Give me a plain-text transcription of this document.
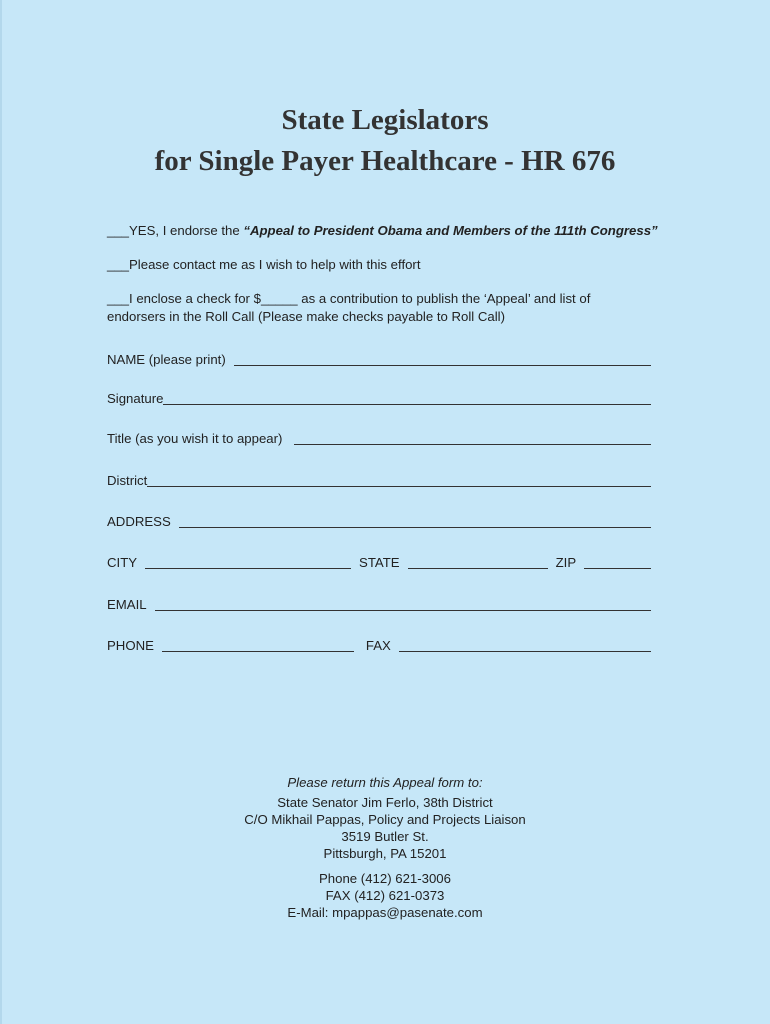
State Legislators
for Single Payer Healthcare - HR 676
___YES, I endorse the “Appeal to President Obama and Members of the 111th Congress”
___Please contact me as I wish to help with this effort
___I enclose a check for $_____ as a contribution to publish the ‘Appeal’ and list of
endorsers in the Roll Call (Please make checks payable to Roll Call)
NAME (please print)
Signature
Title (as you wish it to appear)
District
ADDRESS
CITY	STATE	ZIP
EMAIL
PHONE	FAX
Please return this Appeal form to:
State Senator Jim Ferlo, 38th District
C/O Mikhail Pappas, Policy and Projects Liaison
3519 Butler St.
Pittsburgh, PA 15201
Phone (412) 621-3006
FAX (412) 621-0373
E-Mail: mpappas@pasenate.com
